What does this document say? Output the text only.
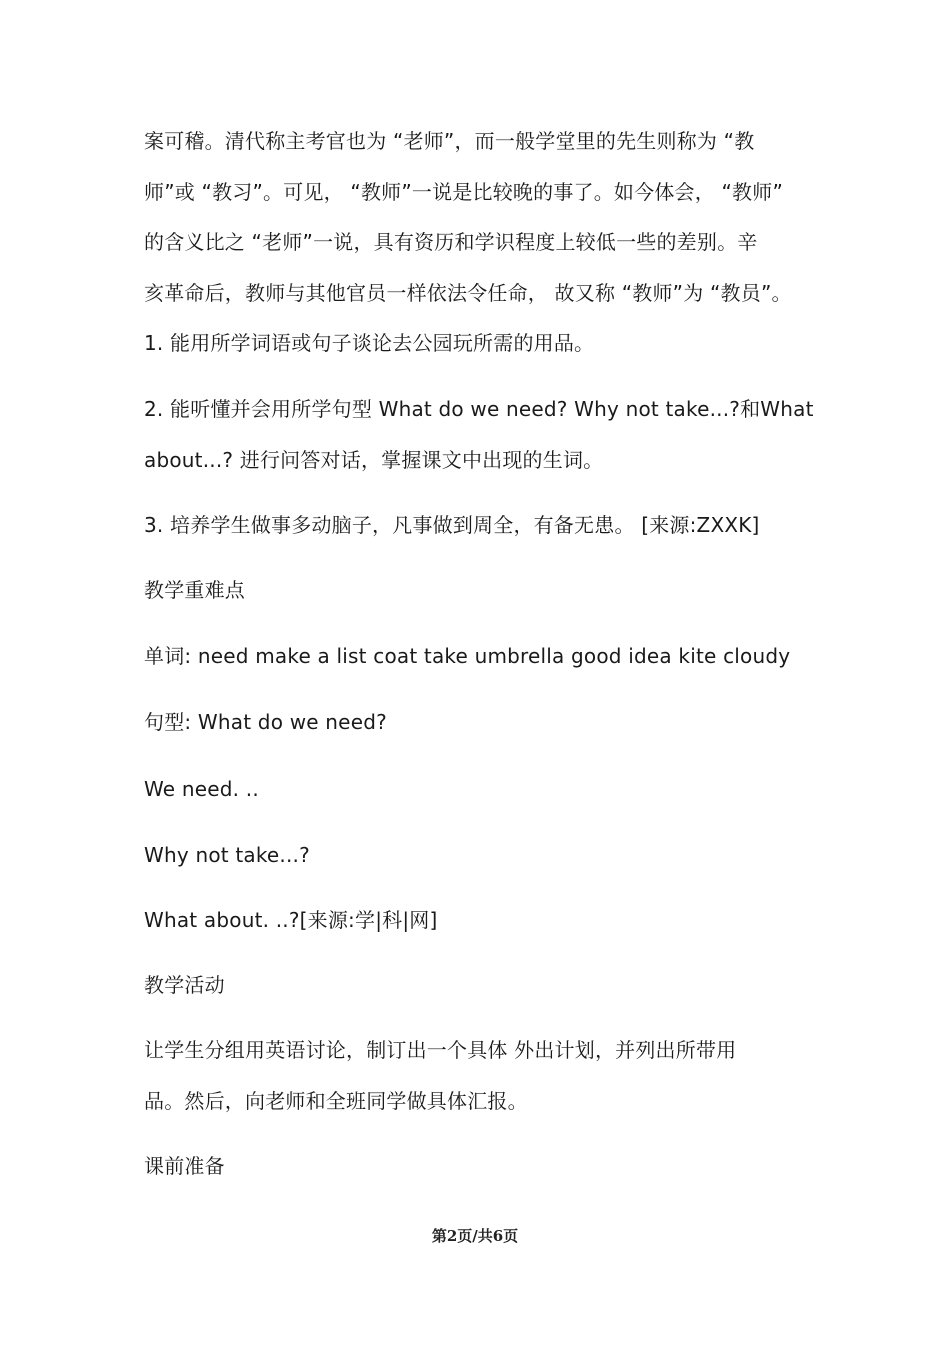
案可稽。清代称主考官也为 “老师”，而一般学堂里的先生则称为 “教
师”或 “教习”。可见， “教师”一说是比较晚的事了。如今体会， “教师”
的含义比之 “老师”一说，具有资历和学识程度上较低一些的差别。辛
亥革命后，教师与其他官员一样依法令任命， 故又称 “教师”为 “教员”。
1. 能用所学词语或句子谈论去公园玩所需的用品。
2. 能听懂并会用所学句型 What do we need? Why not take...?和What
about...? 进行问答对话，掌握课文中出现的生词。
3. 培养学生做事多动脑子，凡事做到周全，有备无患。 [来源:ZXXK]
教学重难点
单词: need make a list coat take umbrella good idea kite cloudy
句型: What do we need?
We need. ..
Why not take...?
What about. ..?[来源:学|科|网]
教学活动
让学生分组用英语讨论，制订出一个具体 外出计划，并列出所带用
品。然后，向老师和全班同学做具体汇报。
课前准备
第2页/共6页
